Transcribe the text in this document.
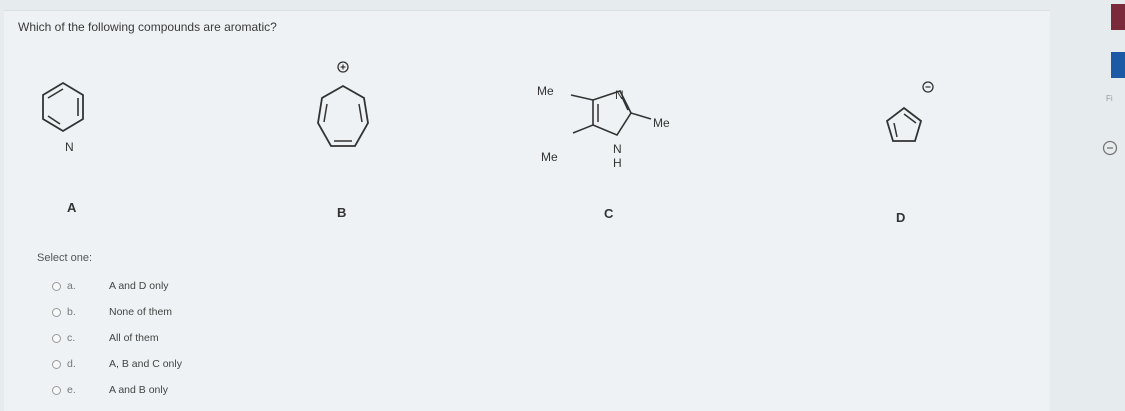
Which of the following compounds are aromatic?
N
A	B
Me
Me
Me
N
N
H
C	D
Select one:
a.	A and D only
b.	None of them
c.	All of them
d.	A, B and C only
e.	A and B only
Fi
